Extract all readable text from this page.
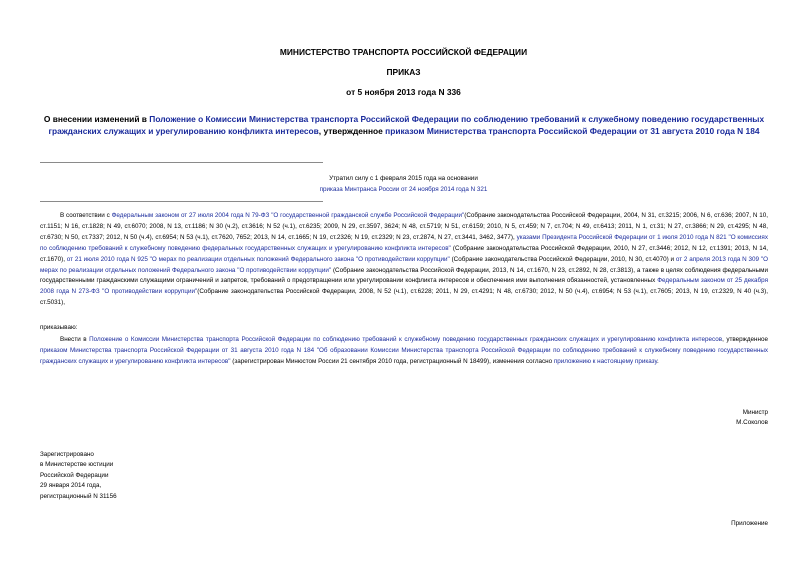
МИНИСТЕРСТВО ТРАНСПОРТА РОССИЙСКОЙ ФЕДЕРАЦИИ
ПРИКАЗ
от 5 ноября 2013 года N 336
О внесении изменений в Положение о Комиссии Министерства транспорта Российской Федерации по соблюдению требований к служебному поведению государственных гражданских служащих и урегулированию конфликта интересов, утвержденное приказом Министерства транспорта Российской Федерации от 31 августа 2010 года N 184
Утратил силу с 1 февраля 2015 года на основании
приказа Минтранса России от 24 ноября 2014 года N 321
В соответствии с Федеральным законом от 27 июля 2004 года N 79-ФЗ "О государственной гражданской службе Российской Федерации"(Собрание законодательства Российской Федерации, 2004, N 31, ст.3215; 2006, N 6, ст.636; 2007, N 10, ст.1151; N 16, ст.1828; N 49, ст.6070; 2008, N 13, ст.1186; N 30 (ч.2), ст.3616; N 52 (ч.1), ст.6235; 2009, N 29, ст.3597, 3624; N 48, ст.5719; N 51, ст.6159; 2010, N 5, ст.459; N 7, ст.704; N 49, ст.6413; 2011, N 1, ст.31; N 27, ст.3866; N 29, ст.4295; N 48, ст.6730; N 50, ст.7337; 2012, N 50 (ч.4), ст.6954; N 53 (ч.1), ст.7620, 7652; 2013, N 14, ст.1665; N 19, ст.2326; N 19, ст.2329; N 23, ст.2874, N 27, ст.3441, 3462, 3477), указами Президента Российской Федерации от 1 июля 2010 года N 821 "О комиссиях по соблюдению требований к служебному поведению федеральных государственных служащих и урегулированию конфликта интересов" (Собрание законодательства Российской Федерации, 2010, N 27, ст.3446; 2012, N 12, ст.1391; 2013, N 14, ст.1670), от 21 июля 2010 года N 925 "О мерах по реализации отдельных положений Федерального закона "О противодействии коррупции" (Собрание законодательства Российской Федерации, 2010, N 30, ст.4070) и от 2 апреля 2013 года N 309 "О мерах по реализации отдельных положений Федерального закона "О противодействии коррупции" (Собрание законодательства Российской Федерации, 2013, N 14, ст.1670, N 23, ст.2892, N 28, ст.3813), а также в целях соблюдения федеральными государственными гражданскими служащими ограничений и запретов, требований о предотвращении или урегулировании конфликта интересов и обеспечения ими выполнения обязанностей, установленных Федеральным законом от 25 декабря 2008 года N 273-ФЗ "О противодействии коррупции"(Собрание законодательства Российской Федерации, 2008, N 52 (ч.1), ст.6228; 2011, N 29, ст.4291; N 48, ст.6730; 2012, N 50 (ч.4), ст.6954; N 53 (ч.1), ст.7605; 2013, N 19, ст.2329, N 40 (ч.3), ст.5031),
приказываю:
Внести в Положение о Комиссии Министерства транспорта Российской Федерации по соблюдению требований к служебному поведению государственных гражданских служащих и урегулированию конфликта интересов, утвержденное приказом Министерства транспорта Российской Федерации от 31 августа 2010 года N 184 "Об образовании Комиссии Министерства транспорта Российской Федерации по соблюдению требований к служебному поведению государственных гражданских служащих и урегулированию конфликта интересов" (зарегистрирован Минюстом России 21 сентября 2010 года, регистрационный N 18499), изменения согласно приложению к настоящему приказу.
Министр
М.Соколов
Зарегистрировано
в Министерстве юстиции
Российской Федерации
29 января 2014 года,
регистрационный N 31156
Приложение
